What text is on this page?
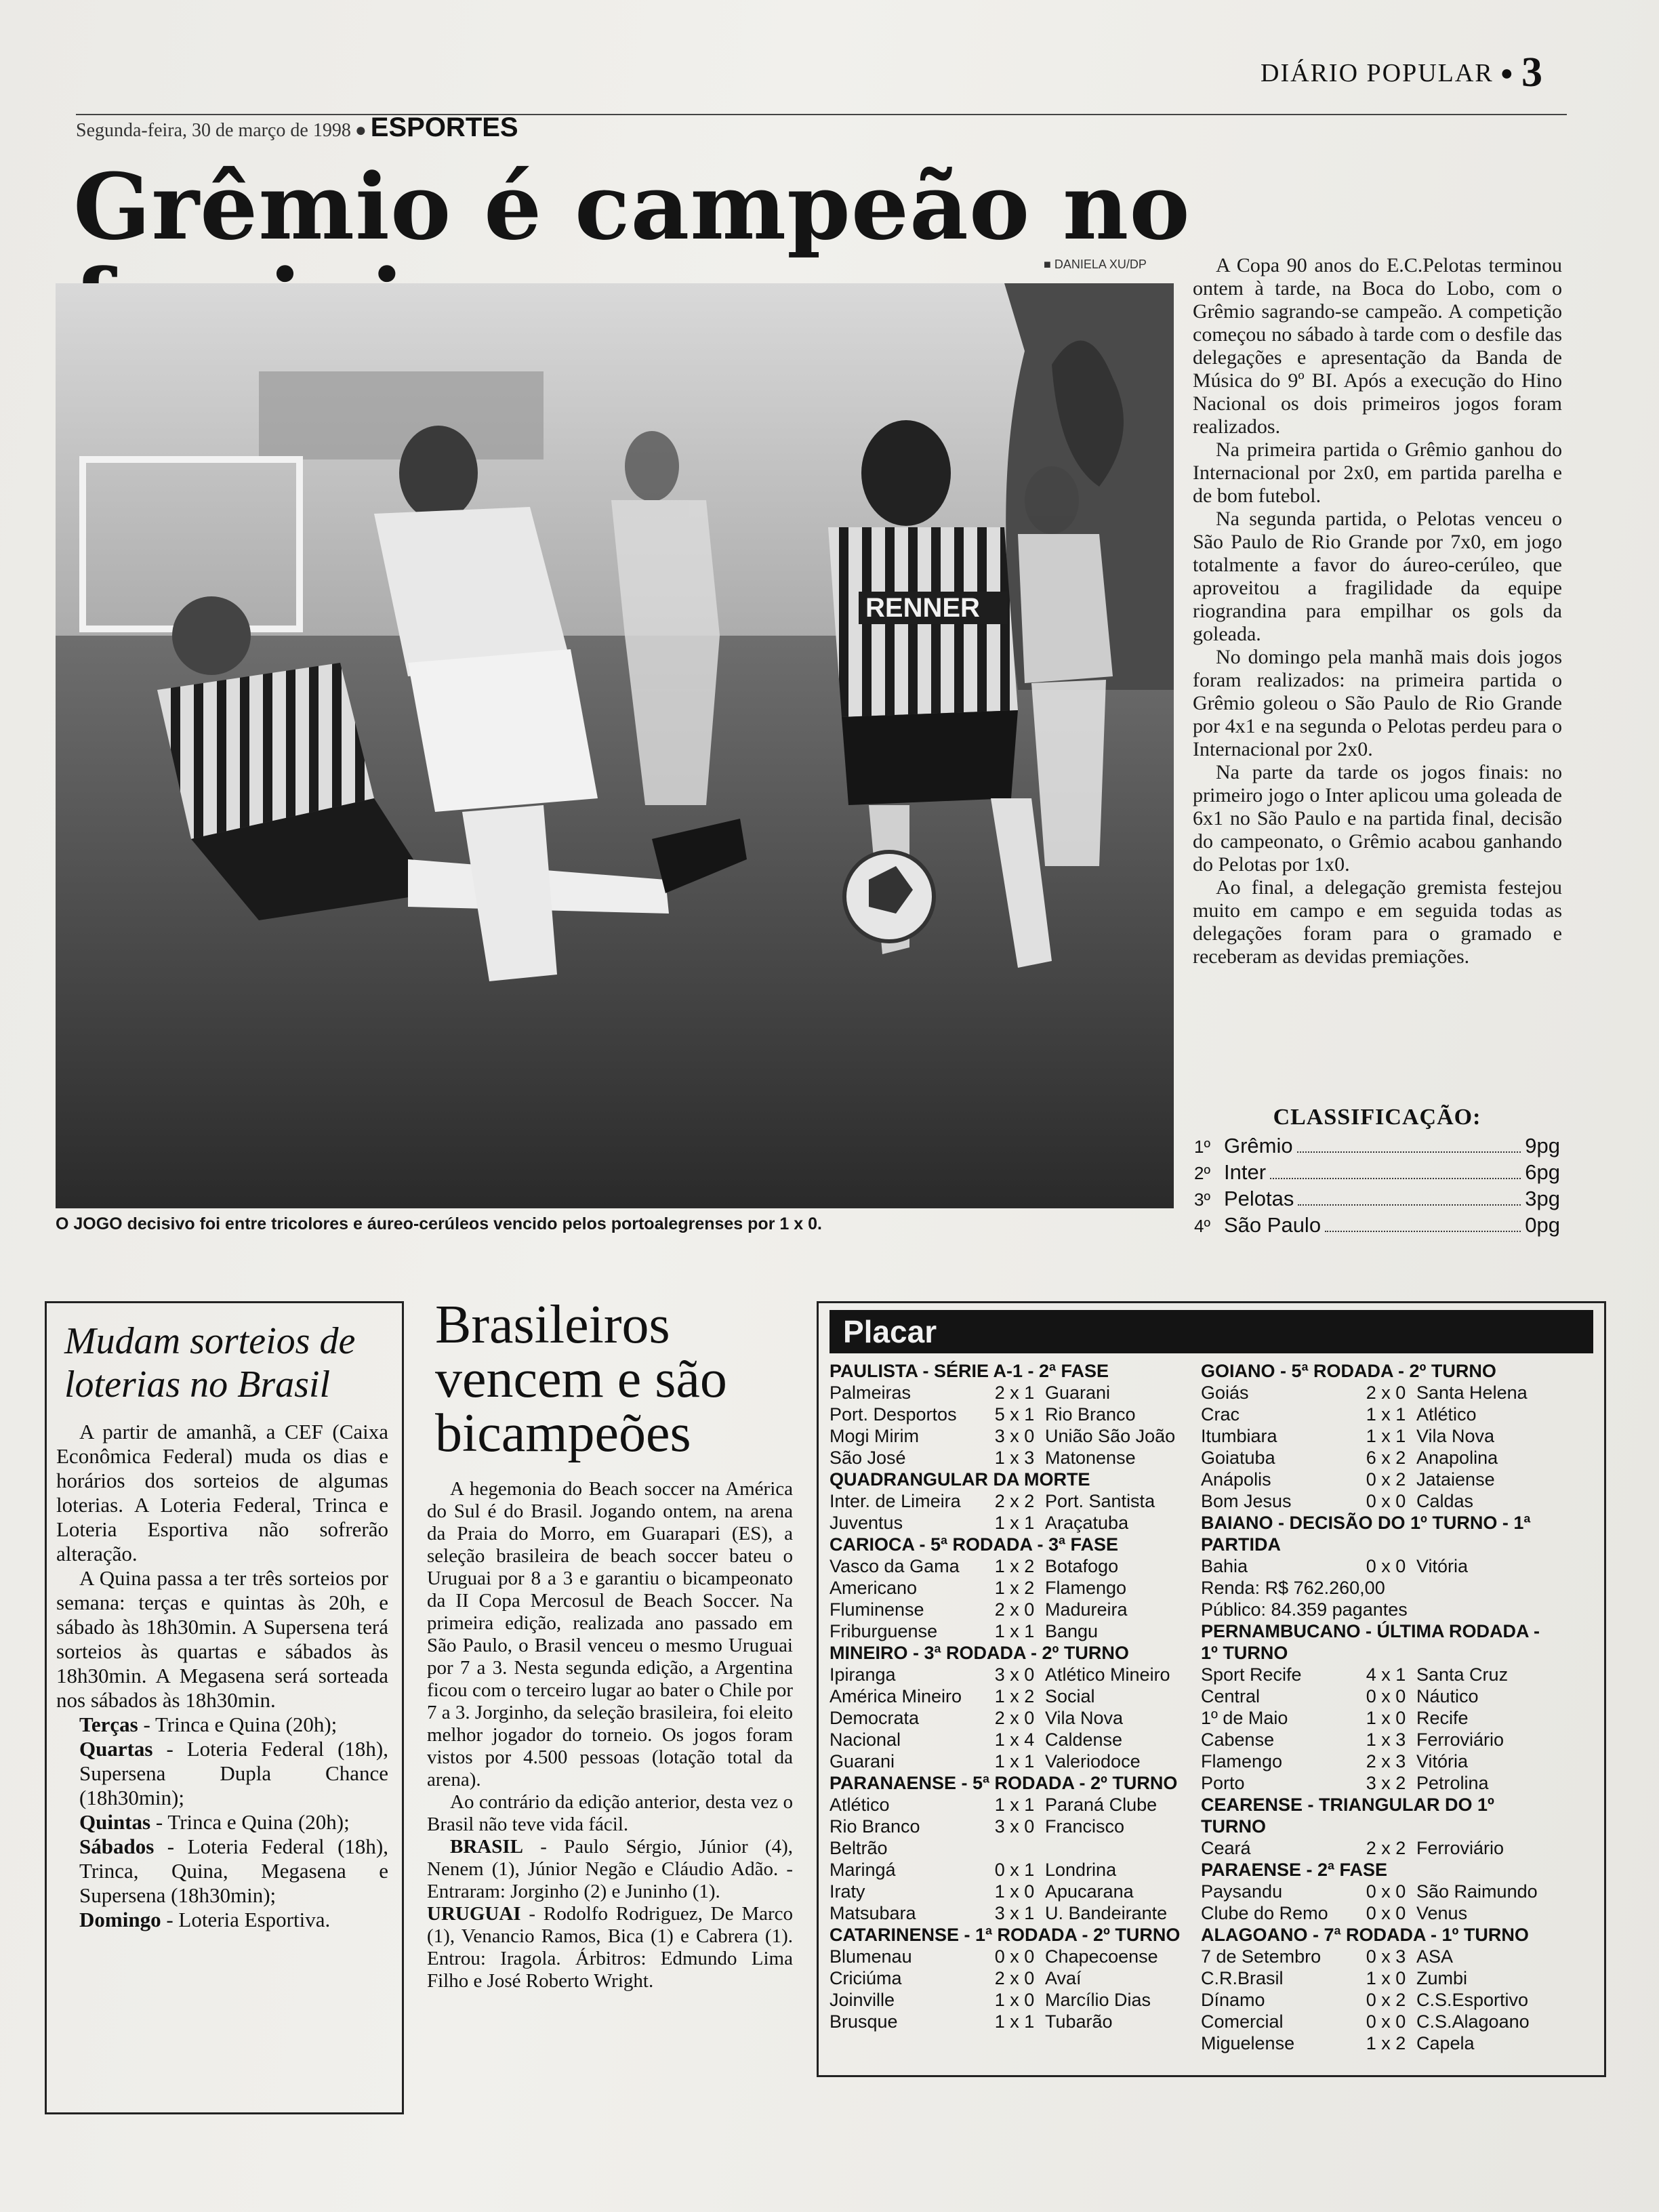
DIÁRIO POPULAR ● 3
Segunda-feira, 30 de março de 1998 ● ESPORTES
Grêmio é campeão no
■ DANIELA XU/DP
RENNER
O JOGO decisivo foi entre tricolores e áureo-cerúleos vencido pelos portoalegrenses por 1 x 0.

A Copa 90 anos do E.C.Pelotas terminou ontem à tarde, na Boca do Lobo, com o Grêmio sagrando-se campeão. A competição começou no sábado à tarde com o desfile das delegações e apresentação da Banda de Música do 9º BI. Após a execução do Hino Nacional os dois primeiros jogos foram realizados.

Na primeira partida o Grêmio ganhou do Internacional por 2x0, em partida parelha e de bom futebol.

Na segunda partida, o Pelotas venceu o São Paulo de Rio Grande por 7x0, em jogo totalmente a favor do áureo-cerúleo, que aproveitou a fragilidade da equipe riograndina para empilhar os gols da goleada.

No domingo pela manhã mais dois jogos foram realizados: na primeira partida o Grêmio goleou o São Paulo de Rio Grande por 4x1 e na segunda o Pelotas perdeu para o Internacional por 2x0.

Na parte da tarde os jogos finais: no primeiro jogo o Inter aplicou uma goleada de 6x1 no São Paulo e na partida final, decisão do campeonato, o Grêmio acabou ganhando do Pelotas por 1x0.

Ao final, a delegação gremista festejou muito em campo e em seguida todas as delegações foram para o gramado e receberam as devidas premiações.

CLASSIFICAÇÃO:
1º Grêmio	9pg
2º Inter	6pg
3º Pelotas	3pg
4º São Paulo	0pg
Mudam sorteios de loterias no Brasil

A partir de amanhã, a CEF (Caixa Econômica Federal) muda os dias e horários dos sorteios de algumas loterias. A Loteria Federal, Trinca e Loteria Esportiva não sofrerão alteração.

A Quina passa a ter três sorteios por semana: terças e quintas às 20h, e sábado às 18h30min. A Supersena terá sorteios às quartas e sábados às 18h30min. A Megasena será sorteada nos sábados às 18h30min.

Terças - Trinca e Quina (20h);
Quartas - Loteria Federal (18h), Supersena Dupla Chance (18h30min);
Quintas - Trinca e Quina (20h);
Sábados - Loteria Federal (18h), Trinca, Quina, Megasena e Supersena (18h30min);
Domingo - Loteria Esportiva.
Brasileiros vencem e são bicampeões

A hegemonia do Beach soccer na América do Sul é do Brasil. Jogando ontem, na arena da Praia do Morro, em Guarapari (ES), a seleção brasileira de beach soccer bateu o Uruguai por 8 a 3 e garantiu o bicampeonato da II Copa Mercosul de Beach Soccer. Na primeira edição, realizada ano passado em São Paulo, o Brasil venceu o mesmo Uruguai por 7 a 3. Nesta segunda edição, a Argentina ficou com o terceiro lugar ao bater o Chile por 7 a 3. Jorginho, da seleção brasileira, foi eleito melhor jogador do torneio. Os jogos foram vistos por 4.500 pessoas (lotação total da arena).

Ao contrário da edição anterior, desta vez o Brasil não teve vida fácil.

BRASIL - Paulo Sérgio, Júnior (4), Nenem (1), Júnior Negão e Cláudio Adão. - Entraram: Jorginho (2) e Juninho (1).

URUGUAI - Rodolfo Rodriguez, De Marco (1), Venancio Ramos, Bica (1) e Cabrera (1). Entrou: Iragola. Árbitros: Edmundo Lima Filho e José Roberto Wright.

Placar
PAULISTA - SÉRIE A-1 - 2ª FASE
Palmeiras	2 x 1 Guarani
Port. Desportos	5 x 1 Rio Branco
Mogi Mirim	3 x 0 União São João
São José	1 x 3 Matonense
QUADRANGULAR DA MORTE
Inter. de Limeira	2 x 2 Port. Santista
Juventus	1 x 1 Araçatuba
CARIOCA - 5ª RODADA - 3ª FASE
Vasco da Gama	1 x 2 Botafogo
Americano	1 x 2 Flamengo
Fluminense	2 x 0 Madureira
Friburguense	1 x 1 Bangu
MINEIRO - 3ª RODADA - 2º TURNO
Ipiranga	3 x 0 Atlético Mineiro
América Mineiro	1 x 2 Social
Democrata	2 x 0 Vila Nova
Nacional	1 x 4 Caldense
Guarani	1 x 1 Valeriodoce
PARANAENSE - 5ª RODADA - 2º TURNO
Atlético	1 x 1 Paraná Clube
Rio Branco	3 x 0 Francisco
Beltrão
Maringá	0 x 1 Londrina
Iraty	1 x 0 Apucarana
Matsubara	3 x 1 U. Bandeirante
CATARINENSE - 1ª RODADA - 2º TURNO
Blumenau	0 x 0 Chapecoense
Criciúma	2 x 0 Avaí
Joinville	1 x 0 Marcílio Dias
Brusque	1 x 1 Tubarão
GOIANO - 5ª RODADA - 2º TURNO
Goiás	2 x 0 Santa Helena
Crac	1 x 1 Atlético
Itumbiara	1 x 1 Vila Nova
Goiatuba	6 x 2 Anapolina
Anápolis	0 x 2 Jataiense
Bom Jesus	0 x 0 Caldas
BAIANO - DECISÃO DO 1º TURNO - 1ª PARTIDA
Bahia	0 x 0 Vitória
Renda: R$ 762.260,00
Público: 84.359 pagantes
PERNAMBUCANO - ÚLTIMA RODADA - 1º TURNO
Sport Recife	4 x 1 Santa Cruz
Central	0 x 0 Náutico
1º de Maio	1 x 0 Recife
Cabense	1 x 3 Ferroviário
Flamengo	2 x 3 Vitória
Porto	3 x 2 Petrolina
CEARENSE - TRIANGULAR DO 1º TURNO
Ceará	2 x 2 Ferroviário
PARAENSE - 2ª FASE
Paysandu	0 x 0 São Raimundo
Clube do Remo	0 x 0 Venus
ALAGOANO - 7ª RODADA - 1º TURNO
7 de Setembro	0 x 3 ASA
C.R.Brasil	1 x 0 Zumbi
Dínamo	0 x 2 C.S.Esportivo
Comercial	0 x 0 C.S.Alagoano
Miguelense	1 x 2 Capela
